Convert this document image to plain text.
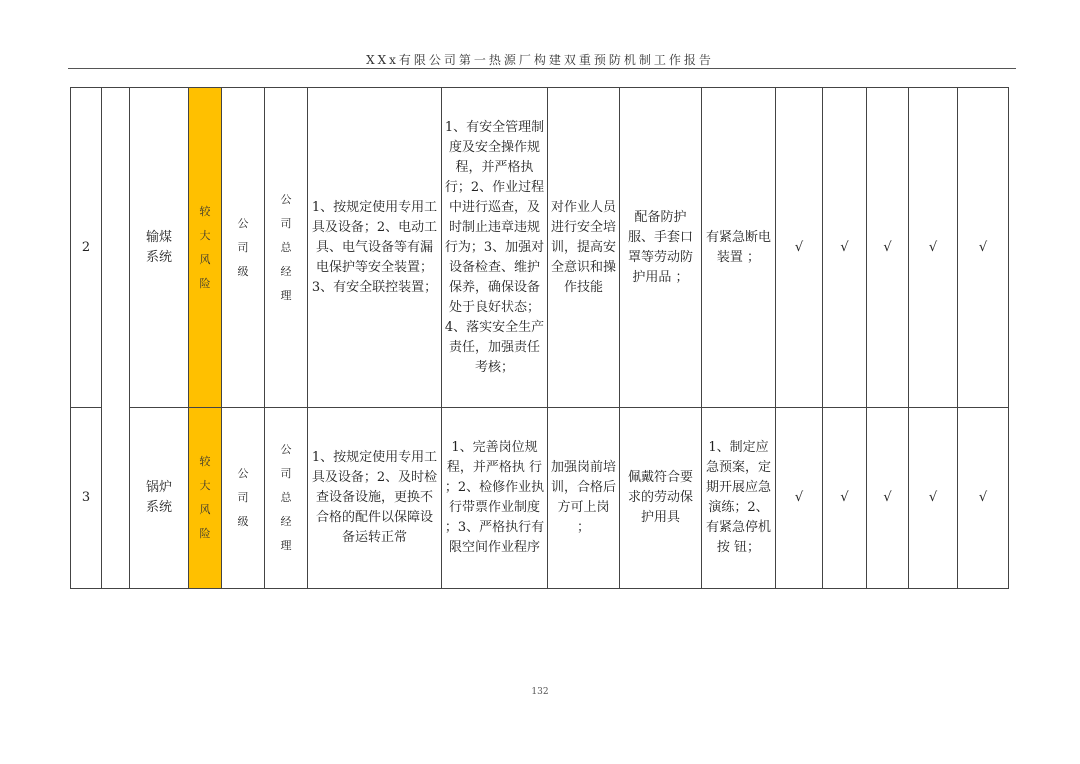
XXx有限公司第一热源厂构建双重预防机制工作报告
2		输煤系统	较大风险	公司级	公司总经理	1、按规定使用专用工具及设备；2、电动工具、电气设备等有漏电保护等安全装置；3、有安全联控装置；	1、有安全管理制度及安全操作规程，并严格执行；2、作业过程中进行巡查，及时制止违章违规行为；3、加强对设备检查、维护保养，确保设备处于良好状态；4、落实安全生产责任，加强责任考核；	对作业人员进行安全培训，提高安全意识和操作技能	配备防护服、手套口罩等劳动防护用品 ；	有紧急断电装置 ；	√	√	√	√	√
3		锅炉系统	较大风险	公司级	公司总经理	1、按规定使用专用工具及设备；2、及时检查设备设施，更换不合格的配件以保障设备运转正常	1、完善岗位规程，并严格执 行 ；2、检修作业执行带票作业制度 ；3、严格执行有限空间作业程序	加强岗前培训，合格后方可上岗 ；	佩戴符合要求的劳动保护用具	1、制定应急预案，定期开展应急演练；2、有紧急停机按 钮；	√	√	√	√	√
132
